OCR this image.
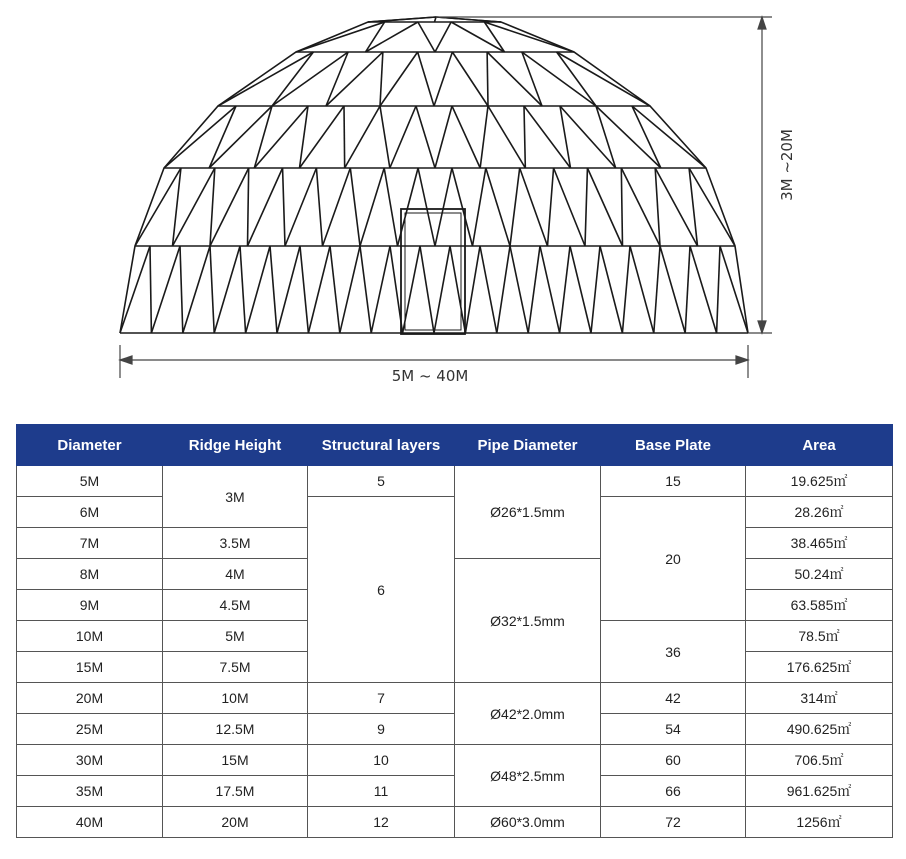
5M ~ 40M
3M ~20M
Diameter	Ridge Height	Structural layers	Pipe Diameter	Base Plate	Area
5M	3M	5	Ø26*1.5mm	15	19.625㎡
6M		6		20	28.26㎡
7M	3.5M				38.465㎡
8M	4M		Ø32*1.5mm		50.24㎡
9M	4.5M				63.585㎡
10M	5M			36	78.5㎡
15M	7.5M				176.625㎡
20M	10M	7	Ø42*2.0mm	42	314㎡
25M	12.5M	9		54	490.625㎡
30M	15M	10	Ø48*2.5mm	60	706.5㎡
35M	17.5M	11		66	961.625㎡
40M	20M	12	Ø60*3.0mm	72	1256㎡
